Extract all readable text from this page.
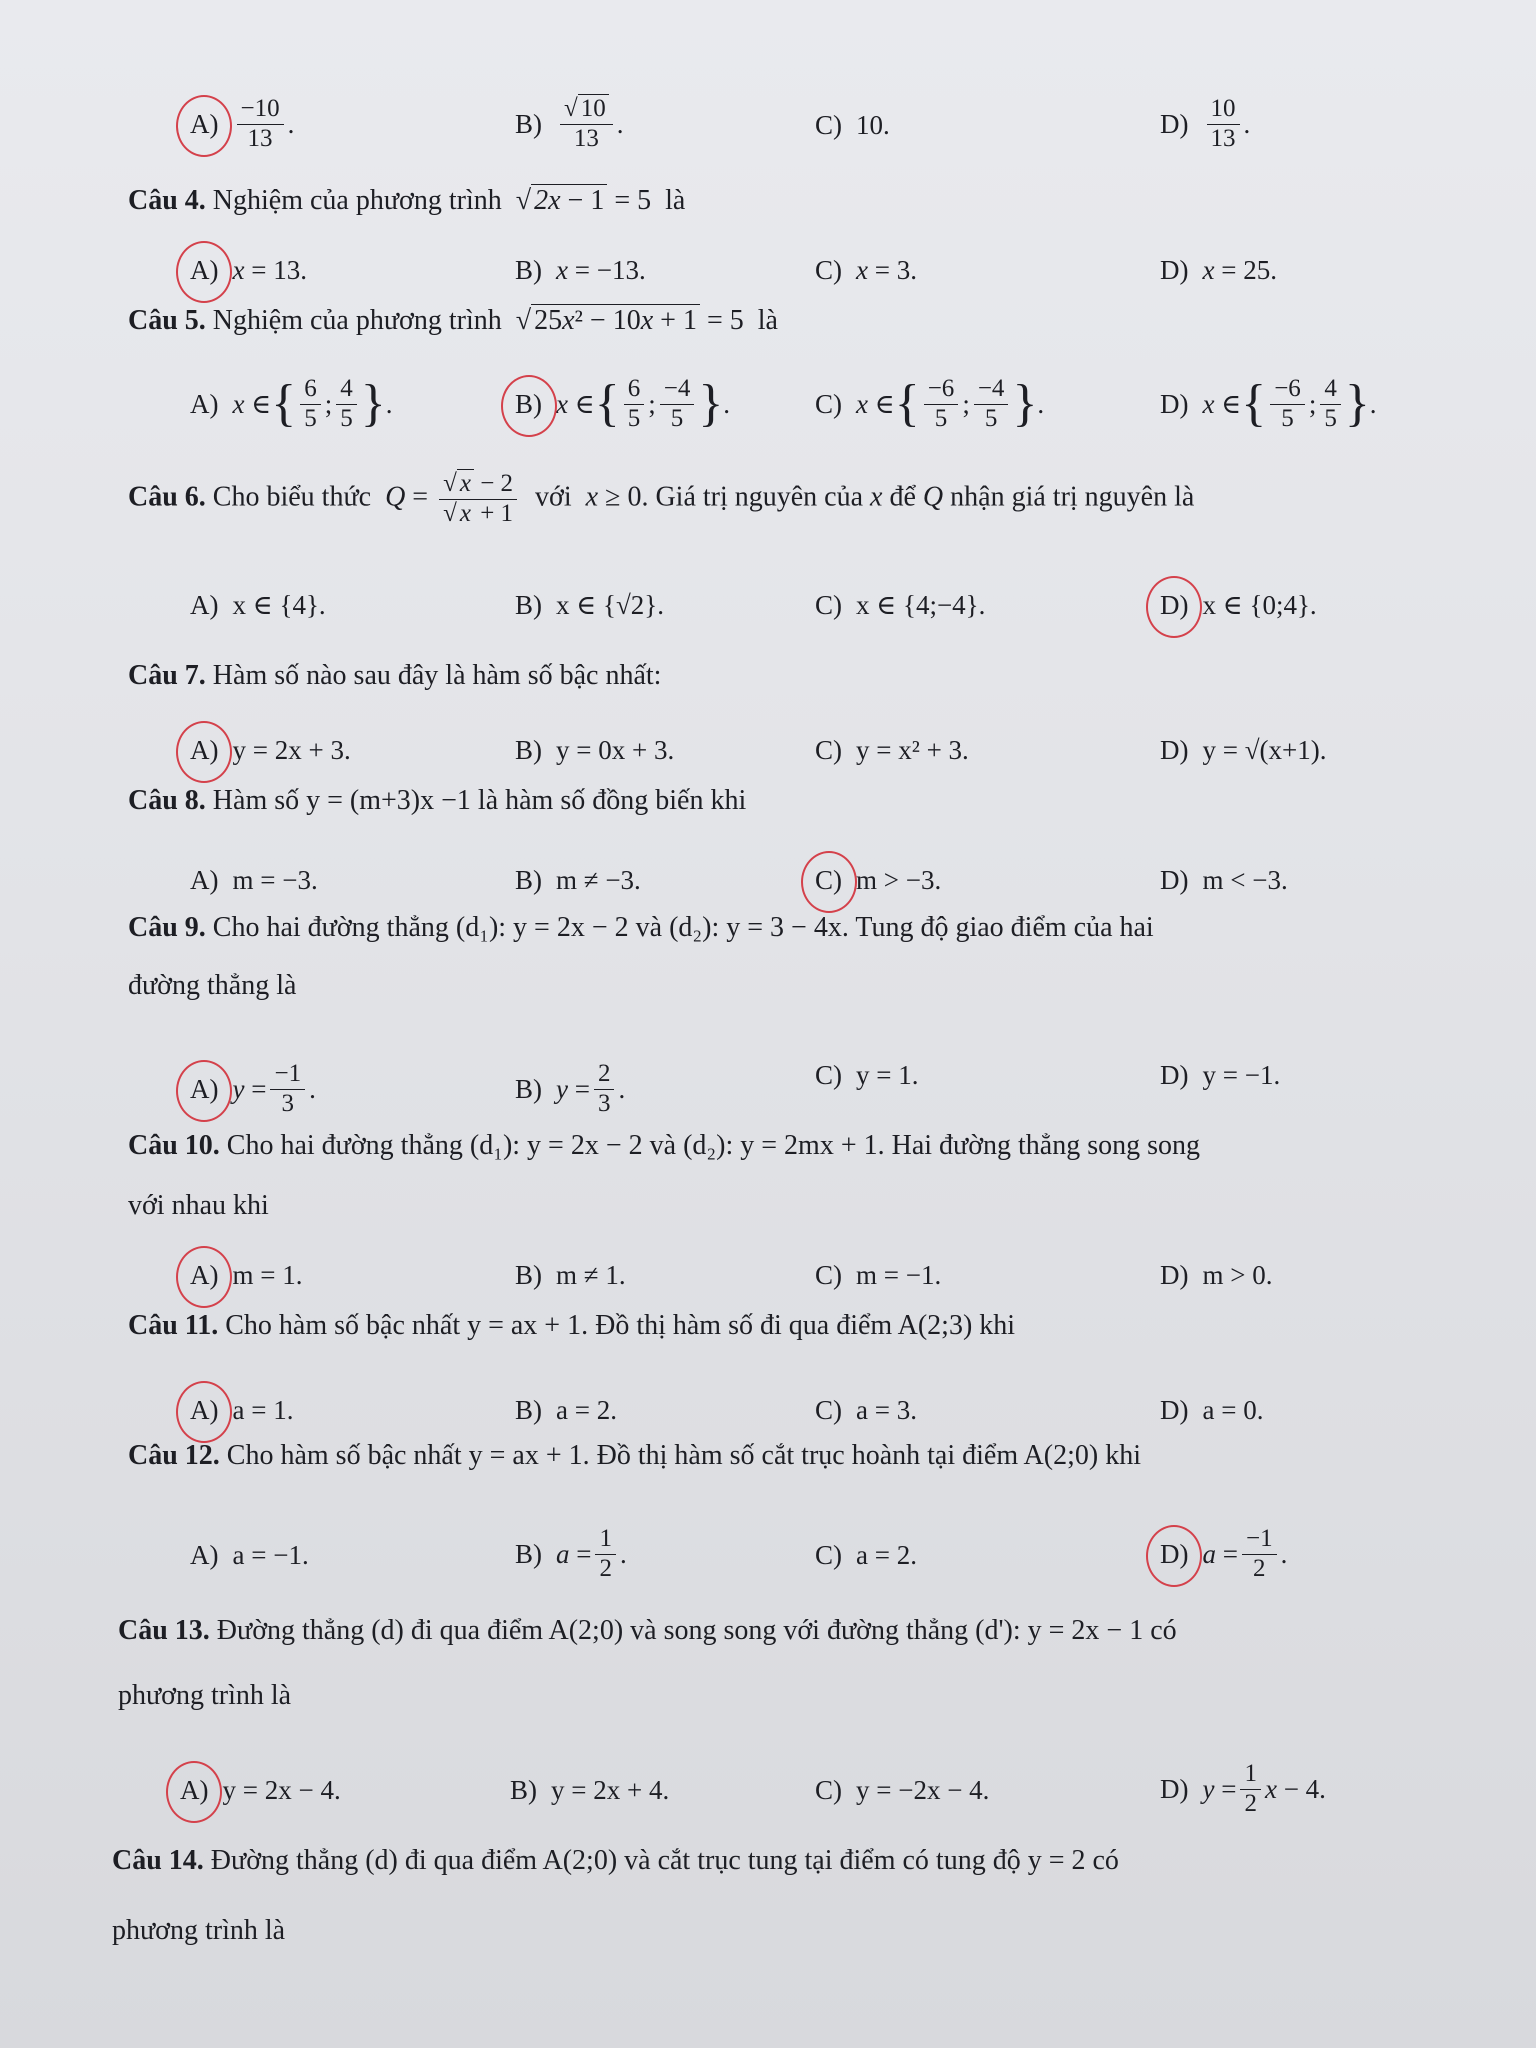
$A) \frac{-10}{13}$ .	$B) \frac{√ 10}{13}$ .	C) 10.	$D) \frac{10}{13}$ .
Câu 4. Nghiệm của phương trình  √ 2x − 1 = 5  là
A) x = 13.	B) x = −13.	C) x = 3.	D) x = 25.
Câu 5. Nghiệm của phương trình  √ 25x² − 10x + 1 = 5  là
A) x ∈ { $\frac{6}{5}$ ; $\frac{4}{5}$ } .	B) x ∈ { $\frac{6}{5}$ ; $\frac{-4}{5}$ } .	C) x ∈ { $\frac{-6}{5}$ ; $\frac{-4}{5}$ } .	D) x ∈ { $\frac{-6}{5}$ ; $\frac{4}{5}$ } .
Câu 6. Cho biểu thức  $Q = \frac{√ x - 2}{√ x + 1}$ với  x ≥ 0. Giá trị nguyên của x để Q nhận giá trị nguyên là
A) x ∈ {4}.	B) x ∈ {√2}.	C) x ∈ {4;−4}.	D) x ∈ {0;4}.
Câu 7. Hàm số nào sau đây là hàm số bậc nhất:
A) y = 2x + 3.	B) y = 0x + 3.	C) y = x² + 3.	D) y = √(x+1).
Câu 8. Hàm số y = (m+3)x −1 là hàm số đồng biến khi
A) m = −3.	B) m ≠ −3.	C) m > −3.	D) m < −3.
Câu 9. Cho hai đường thẳng (d₁): y = 2x − 2 và (d₂): y = 3 − 4x. Tung độ giao điểm của hai
đường thẳng là
A) $y = \frac{-1}{3}$ .	B) $y = \frac{2}{3}$ .	C) y = 1.	D) y = −1.
Câu 10. Cho hai đường thẳng (d₁): y = 2x − 2 và (d₂): y = 2mx + 1. Hai đường thẳng song song
với nhau khi
A) m = 1.	B) m ≠ 1.	C) m = −1.	D) m > 0.
Câu 11. Cho hàm số bậc nhất y = ax + 1. Đồ thị hàm số đi qua điểm A(2;3) khi
A) a = 1.	B) a = 2.	C) a = 3.	D) a = 0.
Câu 12. Cho hàm số bậc nhất y = ax + 1. Đồ thị hàm số cắt trục hoành tại điểm A(2;0) khi
A) a = −1.	B) $a = \frac{1}{2}$ .	C) a = 2.	D) $a = \frac{-1}{2}$ .
Câu 13. Đường thẳng (d) đi qua điểm A(2;0) và song song với đường thẳng (d'): y = 2x − 1 có
phương trình là
A) y = 2x − 4.	B) y = 2x + 4.	C) y = −2x − 4.	D) $y = \frac{1}{2}$ x − 4.
Câu 14. Đường thẳng (d) đi qua điểm A(2;0) và cắt trục tung tại điểm có tung độ y = 2 có
phương trình là
